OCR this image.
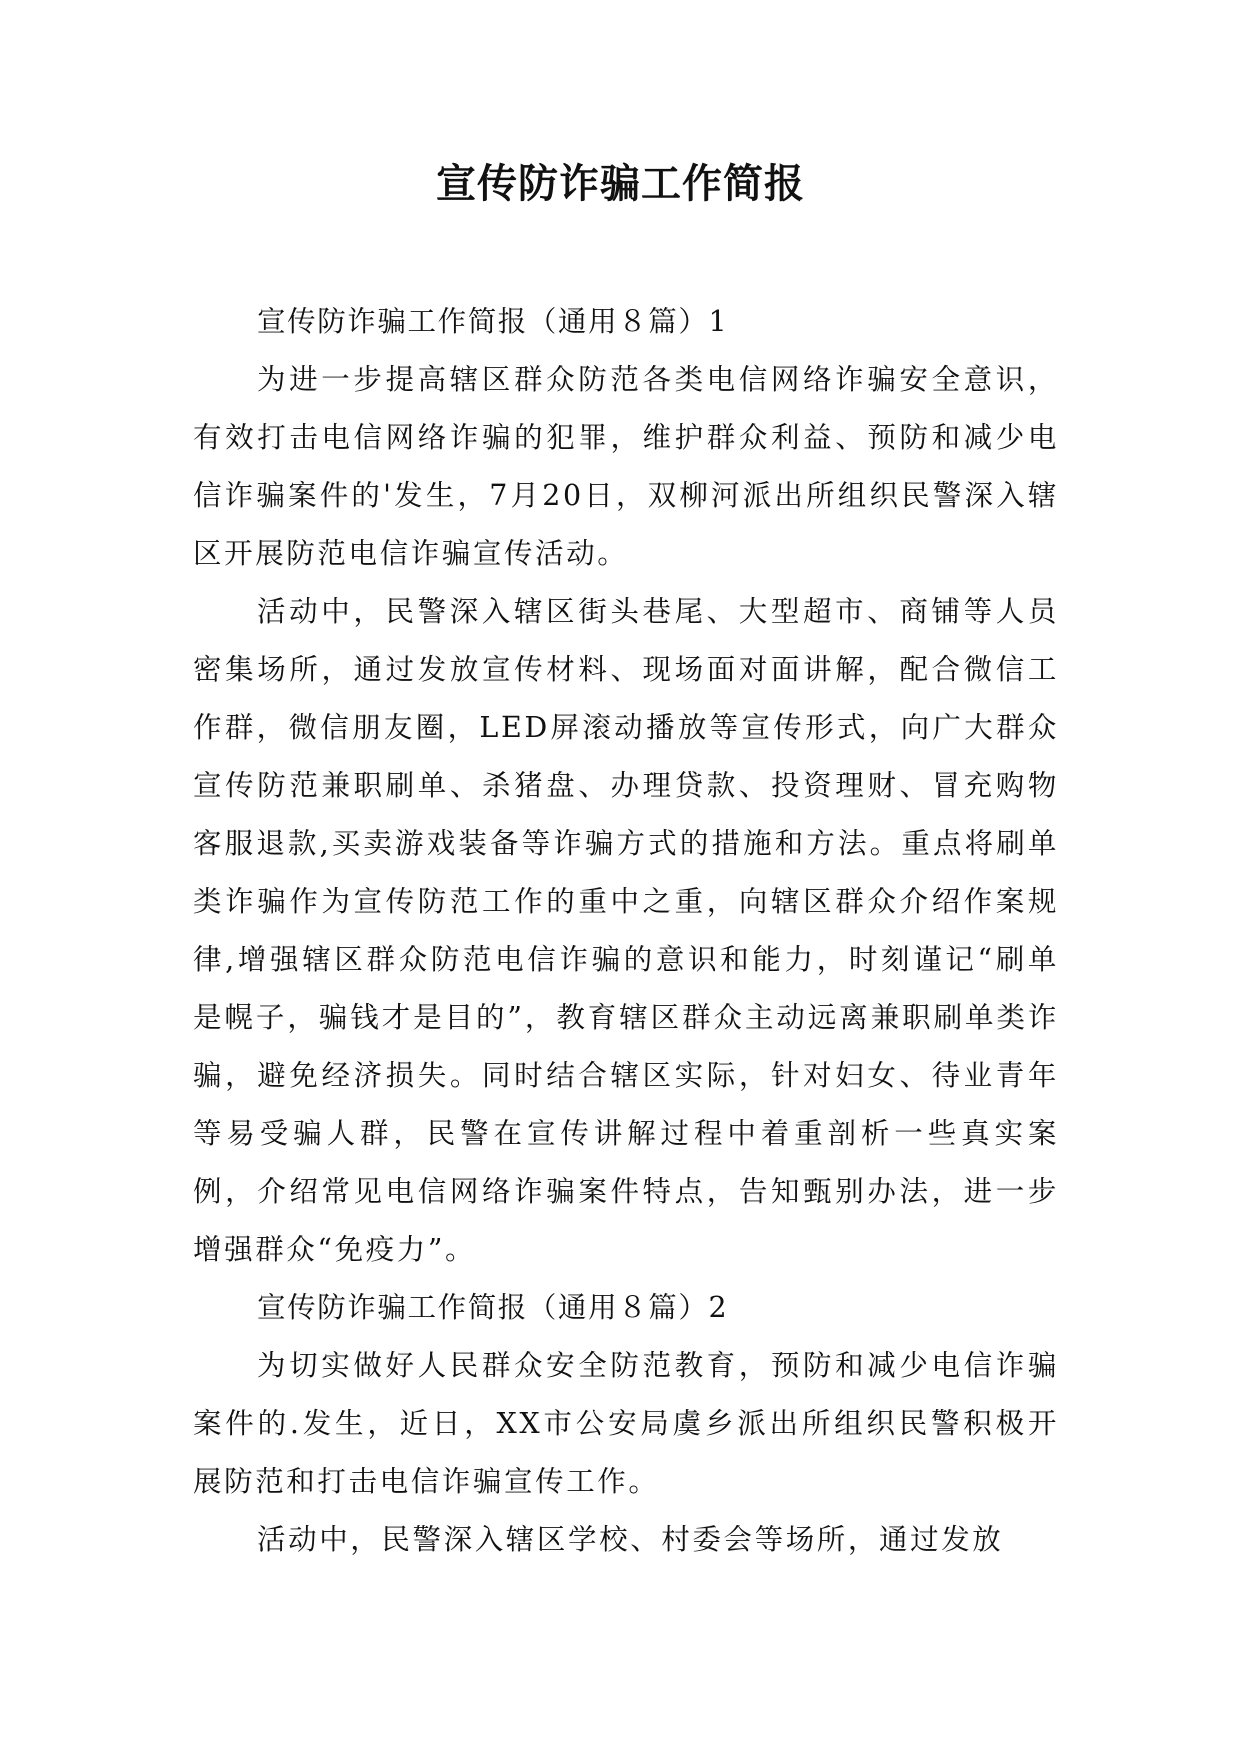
宣传防诈骗工作简报

宣传防诈骗工作简报（通用８篇）1

为进一步提高辖区群众防范各类电信网络诈骗安全意识，有效打击电信网络诈骗的犯罪，维护群众利益、预防和减少电信诈骗案件的'发生，7月20日，双柳河派出所组织民警深入辖区开展防范电信诈骗宣传活动。

活动中，民警深入辖区街头巷尾、大型超市、商铺等人员密集场所，通过发放宣传材料、现场面对面讲解，配合微信工作群，微信朋友圈，LED屏滚动播放等宣传形式，向广大群众宣传防范兼职刷单、杀猪盘、办理贷款、投资理财、冒充购物客服退款,买卖游戏装备等诈骗方式的措施和方法。重点将刷单类诈骗作为宣传防范工作的重中之重，向辖区群众介绍作案规律,增强辖区群众防范电信诈骗的意识和能力，时刻谨记“刷单是幌子，骗钱才是目的”，教育辖区群众主动远离兼职刷单类诈骗，避免经济损失。同时结合辖区实际，针对妇女、待业青年等易受骗人群，民警在宣传讲解过程中着重剖析一些真实案例，介绍常见电信网络诈骗案件特点，告知甄别办法，进一步增强群众“免疫力”。

宣传防诈骗工作简报（通用８篇）2

为切实做好人民群众安全防范教育，预防和减少电信诈骗案件的.发生，近日，XX市公安局虞乡派出所组织民警积极开展防范和打击电信诈骗宣传工作。

活动中，民警深入辖区学校、村委会等场所，通过发放
